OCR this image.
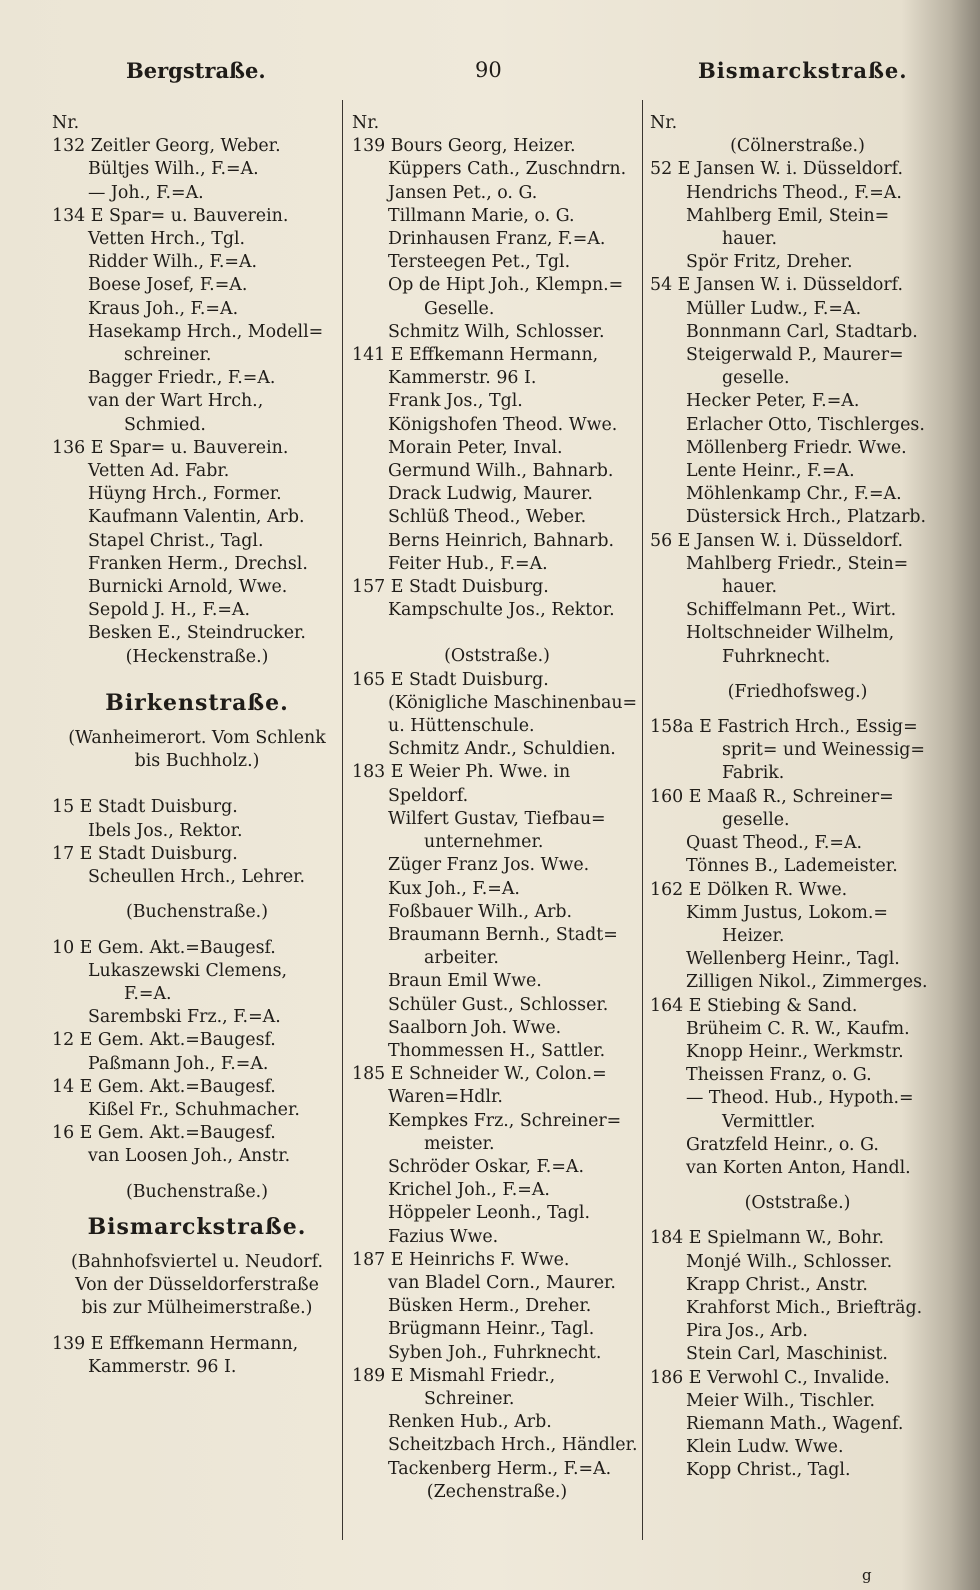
Bergstraße.	90	Bismarckstraße.
Nr.
132 Zeitler Georg, Weber.
Bültjes Wilh., F.=A.
— Joh., F.=A.
134 E Spar= u. Bauverein.
Vetten Hrch., Tgl.
Ridder Wilh., F.=A.
Boese Josef, F.=A.
Kraus Joh., F.=A.
Hasekamp Hrch., Modell=
schreiner.
Bagger Friedr., F.=A.
van der Wart Hrch.,
Schmied.
136 E Spar= u. Bauverein.
Vetten Ad. Fabr.
Hüyng Hrch., Former.
Kaufmann Valentin, Arb.
Stapel Christ., Tagl.
Franken Herm., Drechsl.
Burnicki Arnold, Wwe.
Sepold J. H., F.=A.
Besken E., Steindrucker.
(Heckenstraße.)
Birkenstraße.
(Wanheimerort. Vom Schlenk
bis Buchholz.)
15 E Stadt Duisburg.
Ibels Jos., Rektor.
17 E Stadt Duisburg.
Scheullen Hrch., Lehrer.
(Buchenstraße.)
10 E Gem. Akt.=Baugesf.
Lukaszewski Clemens,
F.=A.
Sarembski Frz., F.=A.
12 E Gem. Akt.=Baugesf.
Paßmann Joh., F.=A.
14 E Gem. Akt.=Baugesf.
Kißel Fr., Schuhmacher.
16 E Gem. Akt.=Baugesf.
van Loosen Joh., Anstr.
(Buchenstraße.)
Bismarckstraße.
(Bahnhofsviertel u. Neudorf.
Von der Düsseldorferstraße
bis zur Mülheimerstraße.)
139 E Effkemann Hermann,
Kammerstr. 96 I.
Nr.
139 Bours Georg, Heizer.
Küppers Cath., Zuschndrn.
Jansen Pet., o. G.
Tillmann Marie, o. G.
Drinhausen Franz, F.=A.
Tersteegen Pet., Tgl.
Op de Hipt Joh., Klempn.=
Geselle.
Schmitz Wilh, Schlosser.
141 E Effkemann Hermann,
Kammerstr. 96 I.
Frank Jos., Tgl.
Königshofen Theod. Wwe.
Morain Peter, Inval.
Germund Wilh., Bahnarb.
Drack Ludwig, Maurer.
Schlüß Theod., Weber.
Berns Heinrich, Bahnarb.
Feiter Hub., F.=A.
157 E Stadt Duisburg.
Kampschulte Jos., Rektor.
(Oststraße.)
165 E Stadt Duisburg.
(Königliche Maschinenbau=
u. Hüttenschule.
Schmitz Andr., Schuldien.
183 E Weier Ph. Wwe. in
Speldorf.
Wilfert Gustav, Tiefbau=
unternehmer.
Züger Franz Jos. Wwe.
Kux Joh., F.=A.
Foßbauer Wilh., Arb.
Braumann Bernh., Stadt=
arbeiter.
Braun Emil Wwe.
Schüler Gust., Schlosser.
Saalborn Joh. Wwe.
Thommessen H., Sattler.
185 E Schneider W., Colon.=
Waren=Hdlr.
Kempkes Frz., Schreiner=
meister.
Schröder Oskar, F.=A.
Krichel Joh., F.=A.
Höppeler Leonh., Tagl.
Fazius Wwe.
187 E Heinrichs F. Wwe.
van Bladel Corn., Maurer.
Büsken Herm., Dreher.
Brügmann Heinr., Tagl.
Syben Joh., Fuhrknecht.
189 E Mismahl Friedr.,
Schreiner.
Renken Hub., Arb.
Scheitzbach Hrch., Händler.
Tackenberg Herm., F.=A.
(Zechenstraße.)
Nr.
(Cölnerstraße.)
52 E Jansen W. i. Düsseldorf.
Hendrichs Theod., F.=A.
Mahlberg Emil, Stein=
hauer.
Spör Fritz, Dreher.
54 E Jansen W. i. Düsseldorf.
Müller Ludw., F.=A.
Bonnmann Carl, Stadtarb.
Steigerwald P., Maurer=
geselle.
Hecker Peter, F.=A.
Erlacher Otto, Tischlerges.
Möllenberg Friedr. Wwe.
Lente Heinr., F.=A.
Möhlenkamp Chr., F.=A.
Düstersick Hrch., Platzarb.
56 E Jansen W. i. Düsseldorf.
Mahlberg Friedr., Stein=
hauer.
Schiffelmann Pet., Wirt.
Holtschneider Wilhelm,
Fuhrknecht.
(Friedhofsweg.)
158a E Fastrich Hrch., Essig=
sprit= und Weinessig=
Fabrik.
160 E Maaß R., Schreiner=
geselle.
Quast Theod., F.=A.
Tönnes B., Lademeister.
162 E Dölken R. Wwe.
Kimm Justus, Lokom.=
Heizer.
Wellenberg Heinr., Tagl.
Zilligen Nikol., Zimmerges.
164 E Stiebing & Sand.
Brüheim C. R. W., Kaufm.
Knopp Heinr., Werkmstr.
Theissen Franz, o. G.
— Theod. Hub., Hypoth.=
Vermittler.
Gratzfeld Heinr., o. G.
van Korten Anton, Handl.
(Oststraße.)
184 E Spielmann W., Bohr.
Monjé Wilh., Schlosser.
Krapp Christ., Anstr.
Krahforst Mich., Briefträg.
Pira Jos., Arb.
Stein Carl, Maschinist.
186 E Verwohl C., Invalide.
Meier Wilh., Tischler.
Riemann Math., Wagenf.
Klein Ludw. Wwe.
Kopp Christ., Tagl.
g
